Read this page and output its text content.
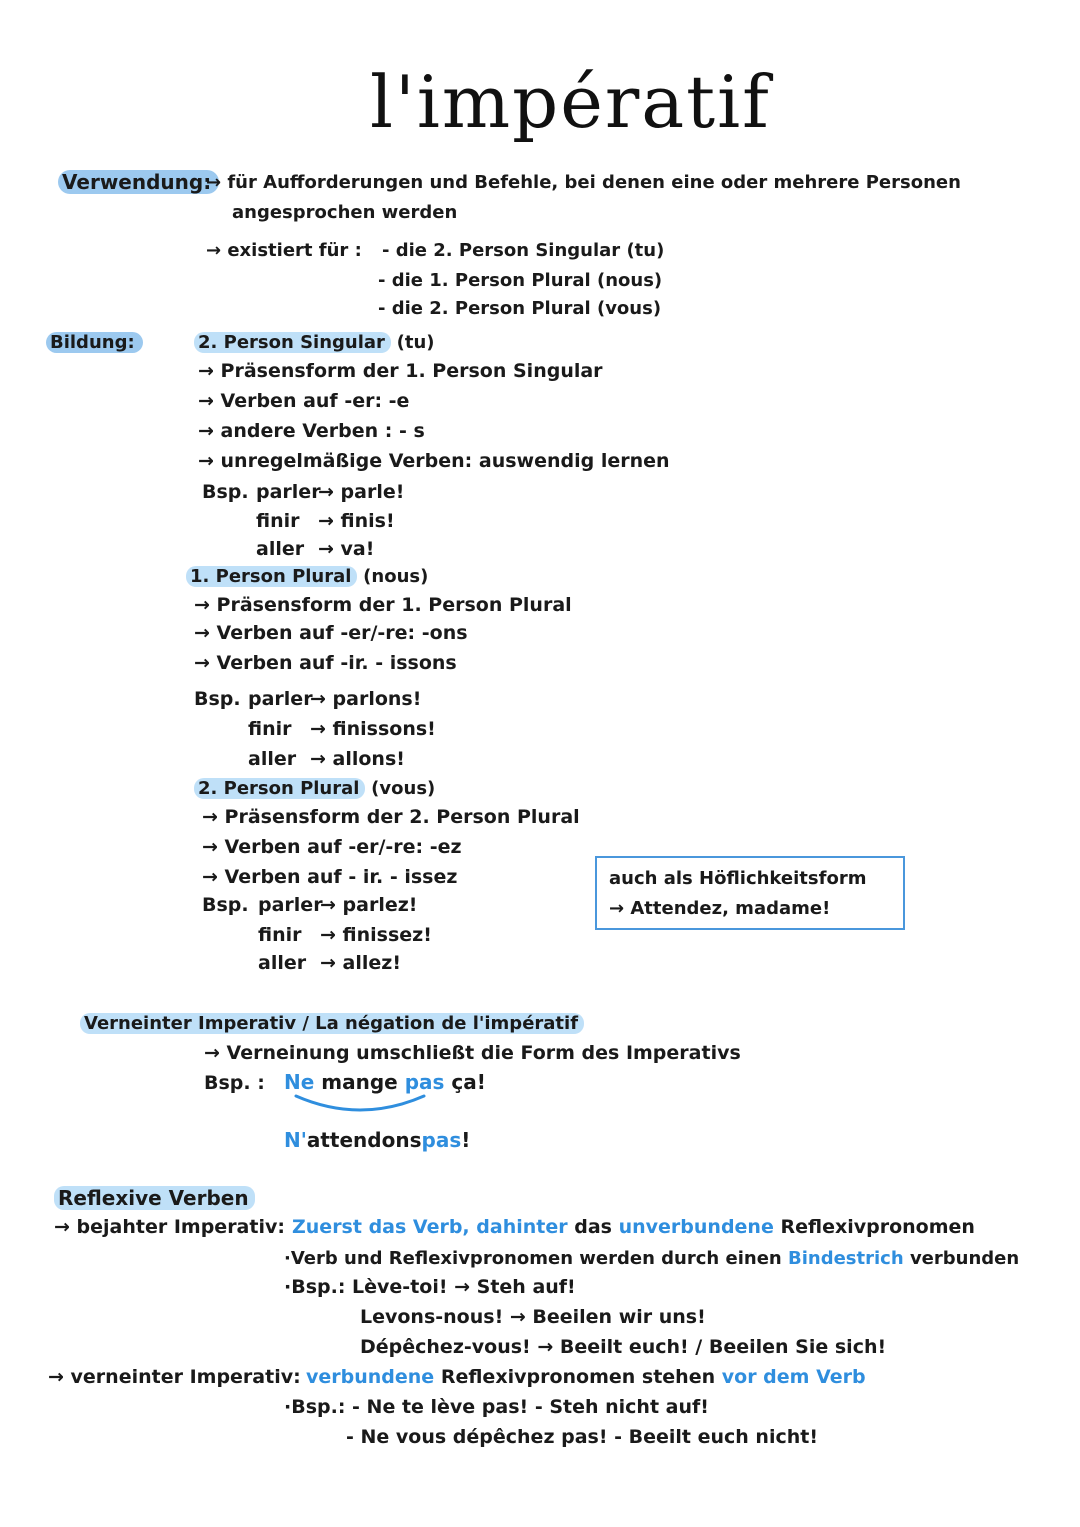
l'impératif
Verwendung:
→ für Aufforderungen und Befehle, bei denen eine oder mehrere Personen
angesprochen werden
→ existiert für : - die 2. Person Singular (tu)
- die 1. Person Plural (nous)
- die 2. Person Plural (vous)
Bildung:	2. Person Singular (tu)
→ Präsensform der 1. Person Singular
→ Verben auf -er: -e
→ andere Verben : - s
→ unregelmäßige Verben: auswendig lernen
Bsp. parler
→ parle!
finir → finis!
aller → va!
1. Person Plural (nous)
→ Präsensform der 1. Person Plural
→ Verben auf -er/-re: -ons
→ Verben auf -ir. - issons
Bsp. parler
→ parlons!
finir → finissons!
aller → allons!
2. Person Plural (vous)
→ Präsensform der 2. Person Plural
→ Verben auf -er/-re: -ez
→ Verben auf - ir. - issez
Bsp. parler
→ parlez!
finir → finissez!
aller → allez!
auch als Höflichkeitsform
→ Attendez, madame!
Verneinter Imperativ / La négation de l'impératif
→ Verneinung umschließt die Form des Imperativs
Bsp. : Ne mange pas ça!
N'attendonspas!
Reflexive Verben
→ bejahter Imperativ: Zuerst das Verb, dahinter das unverbundene Reflexivpronomen
·Verb und Reflexivpronomen werden durch einen Bindestrich verbunden
·Bsp.: Lève-toi! → Steh auf!
Levons-nous! → Beeilen wir uns!
Dépêchez-vous! → Beeilt euch! / Beeilen Sie sich!
→ verneinter Imperativ: verbundene Reflexivpronomen stehen vor dem Verb
·Bsp.: - Ne te lève pas! - Steh nicht auf!
- Ne vous dépêchez pas! - Beeilt euch nicht!
